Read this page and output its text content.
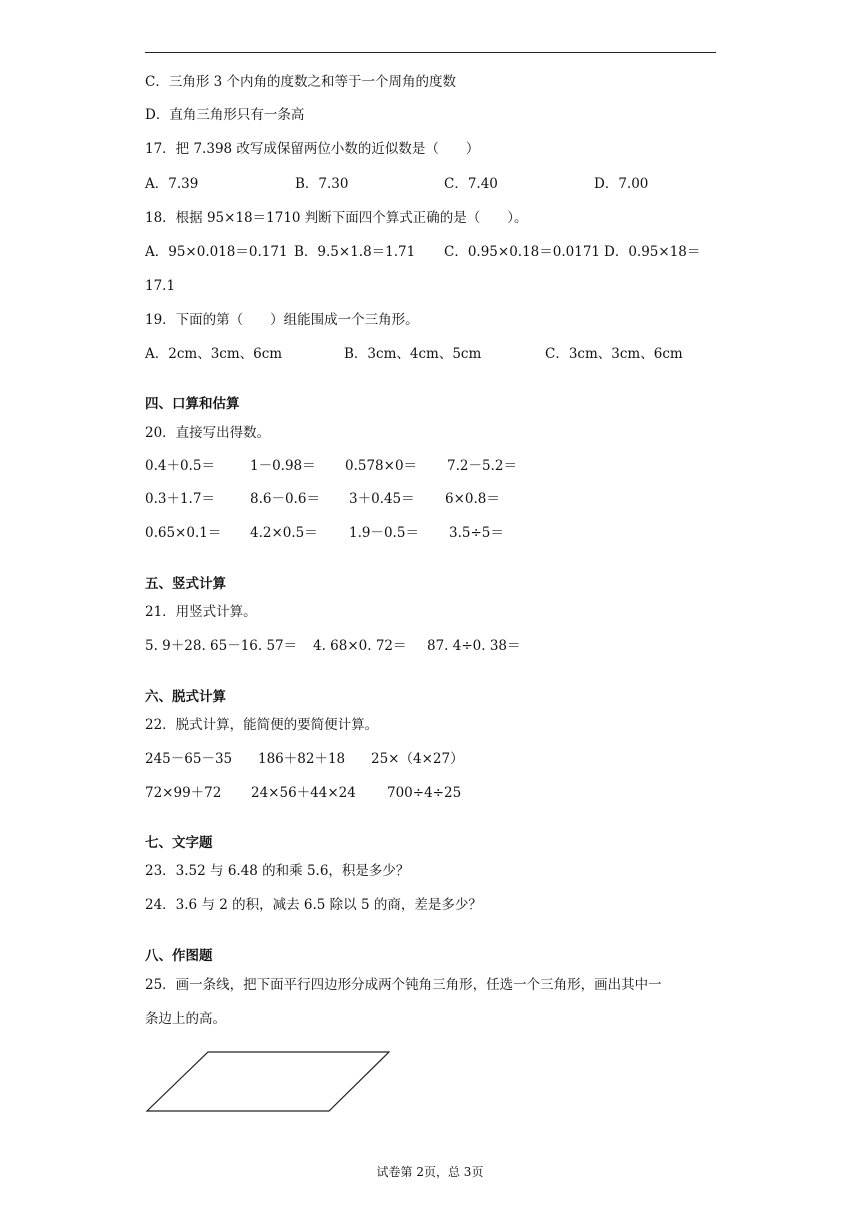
C．三角形 3 个内角的度数之和等于一个周角的度数
D．直角三角形只有一条高
17．把 7.398 改写成保留两位小数的近似数是（　　）
A．7.39	B．7.30	C．7.40	D．7.00
18．根据 95×18＝1710 判断下面四个算式正确的是（　　）。
A．95×0.018＝0.171 B．9.5×1.8＝1.71 C．0.95×0.18＝0.0171 D．0.95×18＝
17.1
19．下面的第（　　）组能围成一个三角形。
A．2cm、3cm、6cm	B．3cm、4cm、5cm	C．3cm、3cm、6cm
四、口算和估算
20．直接写出得数。
0.4＋0.5＝	1－0.98＝ 0.578×0＝ 7.2－5.2＝
0.3＋1.7＝	8.6－0.6＝ 3＋0.45＝ 6×0.8＝
0.65×0.1＝ 4.2×0.5＝ 1.9－0.5＝ 3.5÷5＝
五、竖式计算
21．用竖式计算。
5. 9＋28. 65－16. 57＝ 4. 68×0. 72＝ 87. 4÷0. 38＝
六、脱式计算
22．脱式计算，能简便的要简便计算。
245－65－35 186＋82＋18 25×（4×27）
72×99＋72 24×56＋44×24 700÷4÷25
七、文字题
23．3.52 与 6.48 的和乘 5.6，积是多少？
24．3.6 与 2 的积，减去 6.5 除以 5 的商，差是多少？
八、作图题
25．画一条线，把下面平行四边形分成两个钝角三角形，任选一个三角形，画出其中一
条边上的高。
试卷第 2页，总 3页
